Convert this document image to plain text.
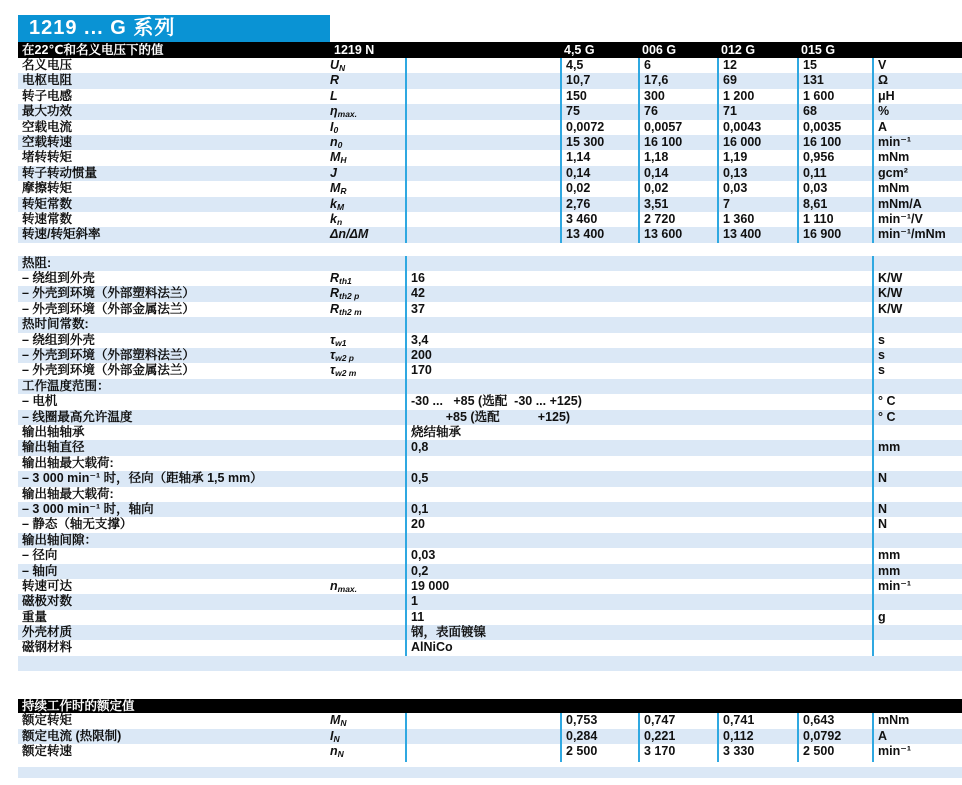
1219 ... G 系列
在22℃和名义电压下的值	1219 N	4,5 G	006 G	012 G	015 G
名义电压	UN	4,5	6	12	15	V
电枢电阻	R	10,7	17,6	69	131	Ω
转子电感	L	150	300	1 200	1 600	μH
最大功效	ηmax.	75	76	71	68	%
空载电流	I0	0,0072	0,0057	0,0043	0,0035	A
空载转速	n0	15 300	16 100	16 000	16 100	min⁻¹
堵转转矩	MH	1,14	1,18	1,19	0,956	mNm
转子转动惯量	J	0,14	0,14	0,13	0,11	gcm²
摩擦转矩	MR	0,02	0,02	0,03	0,03	mNm
转矩常数	kM	2,76	3,51	7	8,61	mNm/A
转速常数	kn	3 460	2 720	1 360	1 110	min⁻¹/V
转速/转矩斜率	Δn/ΔM	13 400	13 600	13 400	16 900	min⁻¹/mNm
热阻:
– 绕组到外壳	Rth1	16	K/W
– 外壳到环境（外部塑料法兰）	Rth2 p	42	K/W
– 外壳到环境（外部金属法兰）	Rth2 m	37	K/W
热时间常数:
– 绕组到外壳	τw1	3,4	s
– 外壳到环境（外部塑料法兰）	τw2 p	200	s
– 外壳到环境（外部金属法兰）	τw2 m	170	s
工作温度范围：
– 电机	-30 ...   +85 (选配  -30 ... +125)	° C
– 线圈最高允许温度	+85 (选配           +125)	° C
输出轴轴承	烧结轴承
输出轴直径	0,8	mm
输出轴最大载荷:
– 3 000 min⁻¹ 时，径向（距轴承 1,5 mm）	0,5	N
输出轴最大载荷:
– 3 000 min⁻¹ 时，轴向	0,1	N
– 静态（轴无支撑）	20	N
输出轴间隙：
– 径向	0,03	mm
– 轴向	0,2	mm
转速可达	nmax.	19 000	min⁻¹
磁极对数	1
重量	11	g
外壳材质	钢，表面镀镍
磁钢材料	AlNiCo
持续工作时的额定值
额定转矩	MN	0,753	0,747	0,741	0,643	mNm
额定电流 (热限制)	IN	0,284	0,221	0,112	0,0792	A
额定转速	nN	2 500	3 170	3 330	2 500	min⁻¹
